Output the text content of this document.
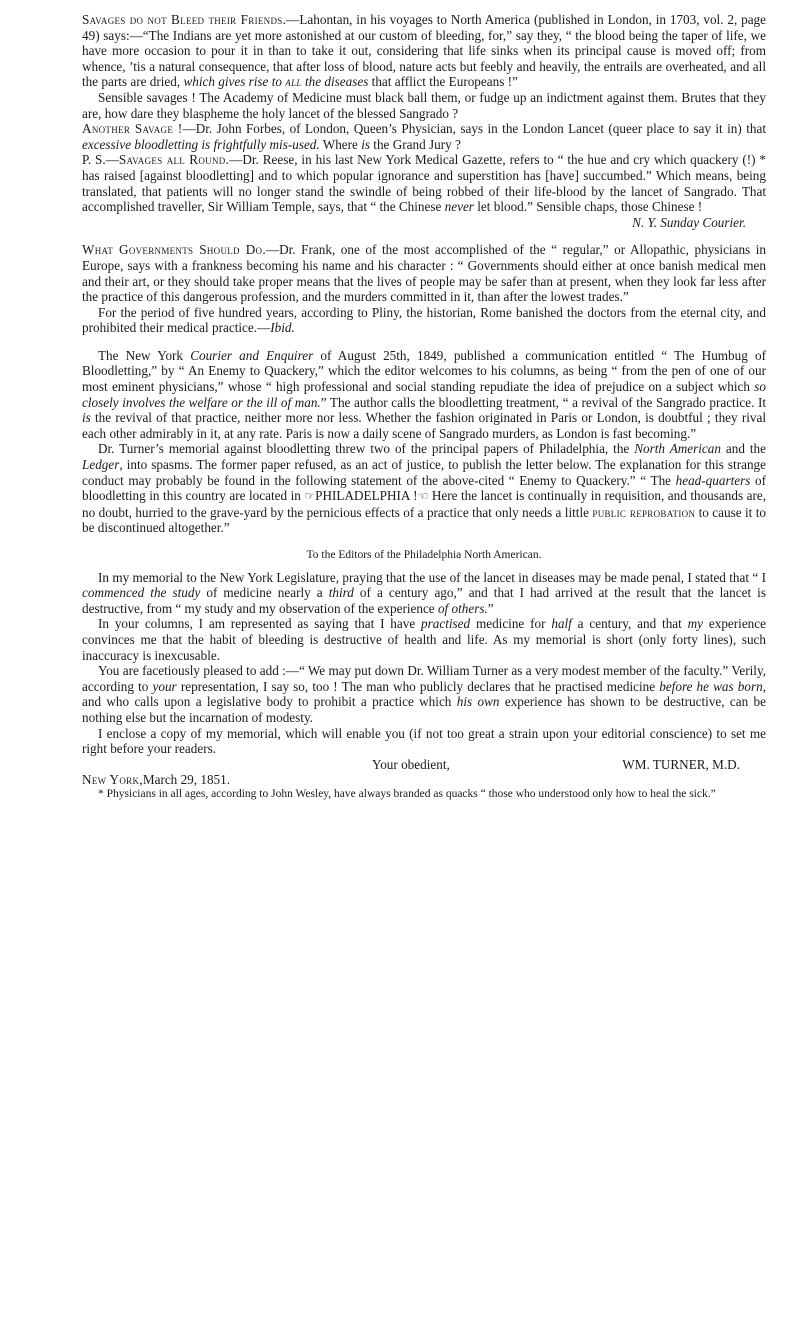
Savages do not Bleed their Friends.—Lahontan, in his voyages to North America (published in London, in 1703, vol. 2, page 49) says:—“The Indians are yet more astonished at our custom of bleeding, for,” say they, “ the blood being the taper of life, we have more occasion to pour it in than to take it out, considering that life sinks when its principal cause is moved off; from whence, ’tis a natural consequence, that after loss of blood, nature acts but feebly and heavily, the entrails are overheated, and all the parts are dried, which gives rise to all the diseases that afflict the Europeans !”

Sensible savages ! The Academy of Medicine must black ball them, or fudge up an indictment against them. Brutes that they are, how dare they blaspheme the holy lancet of the blessed Sangrado ?

Another Savage !—Dr. John Forbes, of London, Queen’s Physician, says in the London Lancet (queer place to say it in) that excessive bloodletting is frightfully mis-used. Where is the Grand Jury ?

P. S.—Savages all Round.—Dr. Reese, in his last New York Medical Gazette, refers to “ the hue and cry which quackery (!) * has raised [against bloodletting] and to which popular ignorance and superstition has [have] succumbed.” Which means, being translated, that patients will no longer stand the swindle of being robbed of their life-blood by the lancet of Sangrado. That accomplished traveller, Sir William Temple, says, that “ the Chinese never let blood.” Sensible chaps, those Chinese !

N. Y. Sunday Courier.

What Governments Should Do.—Dr. Frank, one of the most accomplished of the “ regular,” or Allopathic, physicians in Europe, says with a frankness becoming his name and his character : “ Governments should either at once banish medical men and their art, or they should take proper means that the lives of people may be safer than at present, when they look far less after the practice of this dangerous profession, and the murders committed in it, than after the lowest trades.”

For the period of five hundred years, according to Pliny, the historian, Rome banished the doctors from the eternal city, and prohibited their medical practice.—Ibid.

The New York Courier and Enquirer of August 25th, 1849, published a communication entitled “ The Humbug of Bloodletting,” by “ An Enemy to Quackery,” which the editor welcomes to his columns, as being “ from the pen of one of our most eminent physicians,” whose “ high professional and social standing repudiate the idea of prejudice on a subject which so closely involves the welfare or the ill of man.” The author calls the bloodletting treatment, “ a revival of the Sangrado practice. It is the revival of that practice, neither more nor less. Whether the fashion originated in Paris or London, is doubtful ; they rival each other admirably in it, at any rate. Paris is now a daily scene of Sangrado murders, as London is fast becoming.”

Dr. Turner’s memorial against bloodletting threw two of the principal papers of Philadelphia, the North American and the Ledger, into spasms. The former paper refused, as an act of justice, to publish the letter below. The explanation for this strange conduct may probably be found in the following statement of the above-cited “ Enemy to Quackery.” “ The head-quarters of bloodletting in this country are located in ☞PHILADELPHIA !☜ Here the lancet is continually in requisition, and thousands are, no doubt, hurried to the grave-yard by the pernicious effects of a practice that only needs a little public reprobation to cause it to be discontinued altogether.”

To the Editors of the Philadelphia North American.

In my memorial to the New York Legislature, praying that the use of the lancet in diseases may be made penal, I stated that “ I commenced the study of medicine nearly a third of a century ago,” and that I had arrived at the result that the lancet is destructive, from “ my study and my observation of the experience of others.”

In your columns, I am represented as saying that I have practised medicine for half a century, and that my experience convinces me that the habit of bleeding is destructive of health and life. As my memorial is short (only forty lines), such inaccuracy is inexcusable.

You are facetiously pleased to add :—“ We may put down Dr. William Turner as a very modest member of the faculty.” Verily, according to your representation, I say so, too ! The man who publicly declares that he practised medicine before he was born, and who calls upon a legislative body to prohibit a practice which his own experience has shown to be destructive, can be nothing else but the incarnation of modesty.

I enclose a copy of my memorial, which will enable you (if not too great a strain upon your editorial conscience) to set me right before your readers.

Your obedient,	WM. TURNER, M.D.

New York,March 29, 1851.

* Physicians in all ages, according to John Wesley, have always branded as quacks “ those who understood only how to heal the sick.”
